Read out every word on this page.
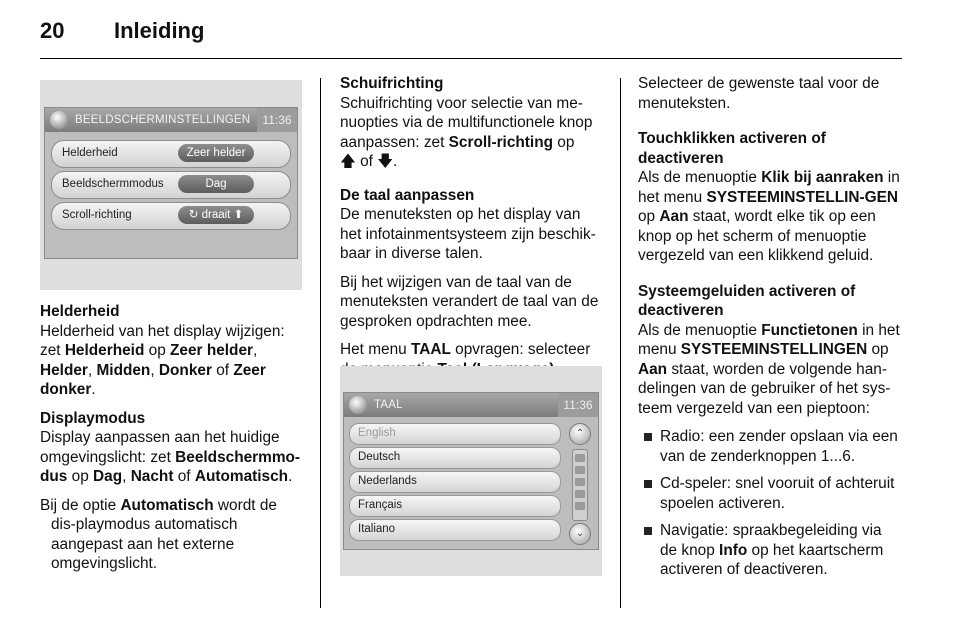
20 Inleiding
BEELDSCHERMINSTELLINGEN	11:36
Helderheid	Zeer helder
Beeldschermmodus	Dag
Scroll-richting	↻ draait ⬆

Helderheid
Helderheid van het display wijzigen: zet Helderheid op Zeer helder, Helder, Midden, Donker of Zeer donker.

Displaymodus
Display aanpassen aan het huidige omgevingslicht: zet Beeldschermmo-dus op Dag, Nacht of Automatisch.

Bij de optie Automatisch wordt de dis-playmodus automatisch aangepast aan het externe omgevingslicht.

Schuifrichting
Schuifrichting voor selectie van me-nuopties via de multifunctionele knop aanpassen: zet Scroll-richting op
🡅 of 🡇.

De taal aanpassen
De menuteksten op het display van het infotainmentsysteem zijn beschik-baar in diverse talen.

Bij het wijzigen van de taal van de menuteksten verandert de taal van de gesproken opdrachten mee.

Het menu TAAL opvragen: selecteer

TAAL	11:36
English
Deutsch
Nederlands
Français
Italiano
⌃
⌄

Selecteer de gewenste taal voor de menuteksten.

Touchklikken activeren of deactiveren
Als de menuoptie Klik bij aanraken in het menu SYSTEEMINSTELLIN-GEN op Aan staat, wordt elke tik op een knop op het scherm of menuoptie vergezeld van een klikkend geluid.

Systeemgeluiden activeren of deactiveren
Als de menuoptie Functietonen in het menu SYSTEEMINSTELLINGEN op Aan staat, worden de volgende han-delingen van de gebruiker of het sys-teem vergezeld van een pieptoon:

Radio: een zender opslaan via een van de zenderknoppen 1...6.
Cd-speler: snel vooruit of achteruit spoelen activeren.
Navigatie: spraakbegeleiding via de knop Info op het kaartscherm activeren of deactiveren.
